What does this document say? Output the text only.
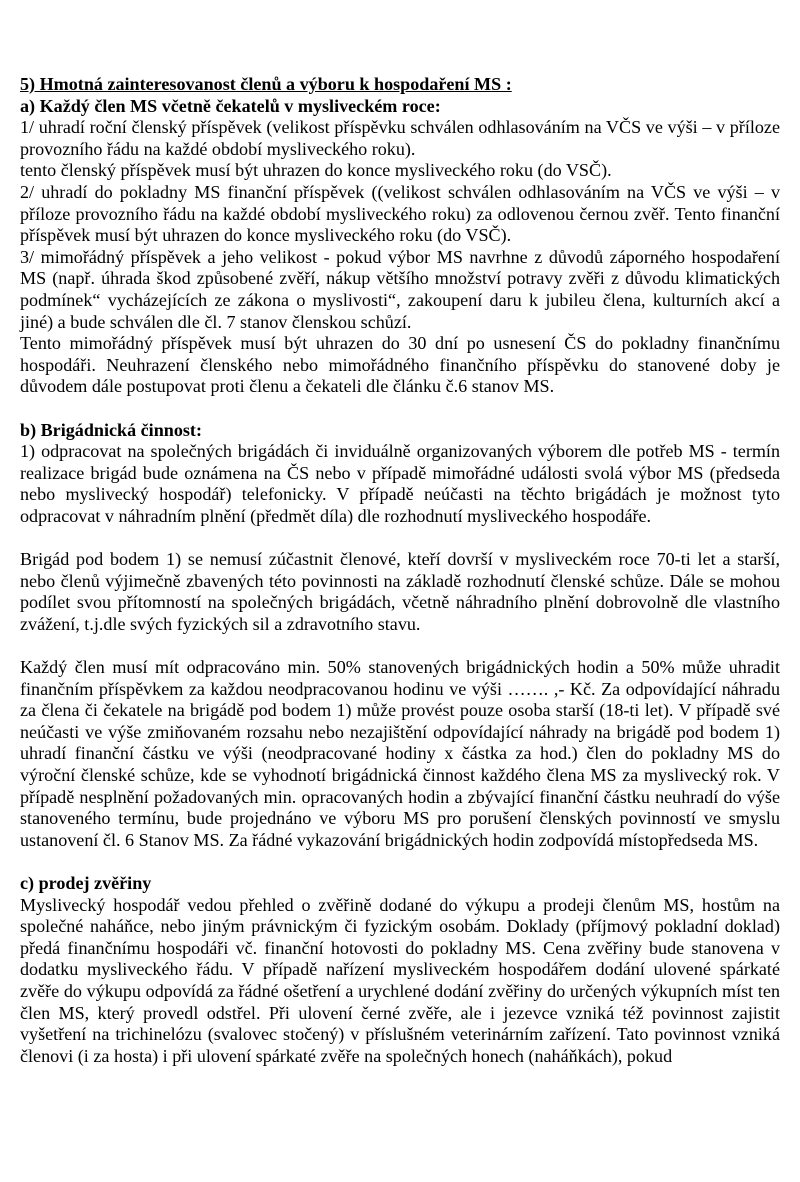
5) Hmotná zainteresovanost členů a výboru k hospodaření MS :

a) Každý člen MS včetně čekatelů v mysliveckém roce:

1/ uhradí roční členský příspěvek (velikost příspěvku schválen odhlasováním na VČS ve výši – v příloze provozního řádu na každé období mysliveckého roku).

tento členský příspěvek musí být uhrazen do konce mysliveckého roku (do VSČ).

2/ uhradí do pokladny MS finanční příspěvek ((velikost schválen odhlasováním na VČS ve výši – v příloze provozního řádu na každé období mysliveckého roku) za odlovenou černou zvěř. Tento finanční příspěvek musí být uhrazen do konce mysliveckého roku (do VSČ).

3/ mimořádný příspěvek a jeho velikost - pokud výbor MS navrhne z důvodů záporného hospodaření MS (např. úhrada škod způsobené zvěří, nákup většího množství potravy zvěři z důvodu klimatických podmínek“ vycházejících ze zákona o myslivosti“, zakoupení daru k jubileu člena, kulturních akcí a jiné) a bude schválen dle čl. 7 stanov členskou schůzí.

Tento mimořádný příspěvek musí být uhrazen do 30 dní po usnesení ČS do pokladny finančnímu hospodáři. Neuhrazení členského nebo mimořádného finančního příspěvku do stanovené doby je důvodem dále postupovat proti členu a čekateli dle článku č.6 stanov MS.

b) Brigádnická činnost:

1) odpracovat na společných brigádách či inviduálně organizovaných výborem dle potřeb MS - termín realizace brigád bude oznámena na ČS nebo v případě mimořádné události svolá výbor MS (předseda nebo myslivecký hospodář) telefonicky. V případě neúčasti na těchto brigádách je možnost tyto odpracovat v náhradním plnění (předmět díla) dle rozhodnutí mysliveckého hospodáře.

Brigád pod bodem 1) se nemusí zúčastnit členové, kteří dovrší v mysliveckém roce 70-ti let a starší, nebo členů výjimečně zbavených této povinnosti na základě rozhodnutí členské schůze. Dále se mohou podílet svou přítomností na společných brigádách, včetně náhradního plnění dobrovolně dle vlastního zvážení, t.j.dle svých fyzických sil a zdravotního stavu.

Každý člen musí mít odpracováno min. 50% stanovených brigádnických hodin a 50% může uhradit finančním příspěvkem za každou neodpracovanou hodinu ve výši ……. ,- Kč. Za odpovídající náhradu za člena či čekatele na brigádě pod bodem 1) může provést pouze osoba starší (18-ti let). V případě své neúčasti ve výše zmiňovaném rozsahu nebo nezajištění odpovídající náhrady na brigádě pod bodem 1) uhradí finanční částku ve výši (neodpracované hodiny x částka za hod.) člen do pokladny MS do výroční členské schůze, kde se vyhodnotí brigádnická činnost každého člena MS za myslivecký rok. V případě nesplnění požadovaných min. opracovaných hodin a zbývající finanční částku neuhradí do výše stanoveného termínu, bude projednáno ve výboru MS pro porušení členských povinností ve smyslu ustanovení čl. 6 Stanov MS. Za řádné vykazování brigádnických hodin zodpovídá místopředseda MS.

c) prodej zvěřiny

Myslivecký hospodář vedou přehled o zvěřině dodané do výkupu a prodeji členům MS, hostům na společné naháňce, nebo jiným právnickým či fyzickým osobám. Doklady (příjmový pokladní doklad) předá finančnímu hospodáři vč. finanční hotovosti do pokladny MS. Cena zvěřiny bude stanovena v dodatku mysliveckého řádu. V případě nařízení mysliveckém hospodářem dodání ulovené spárkaté zvěře do výkupu odpovídá za řádné ošetření a urychlené dodání zvěřiny do určených výkupních míst ten člen MS, který provedl odstřel. Při ulovení černé zvěře, ale i jezevce vzniká též povinnost zajistit vyšetření na trichinelózu (svalovec stočený) v příslušném veterinárním zařízení. Tato povinnost vzniká členovi (i za hosta) i při ulovení spárkaté zvěře na společných honech (naháňkách), pokud
